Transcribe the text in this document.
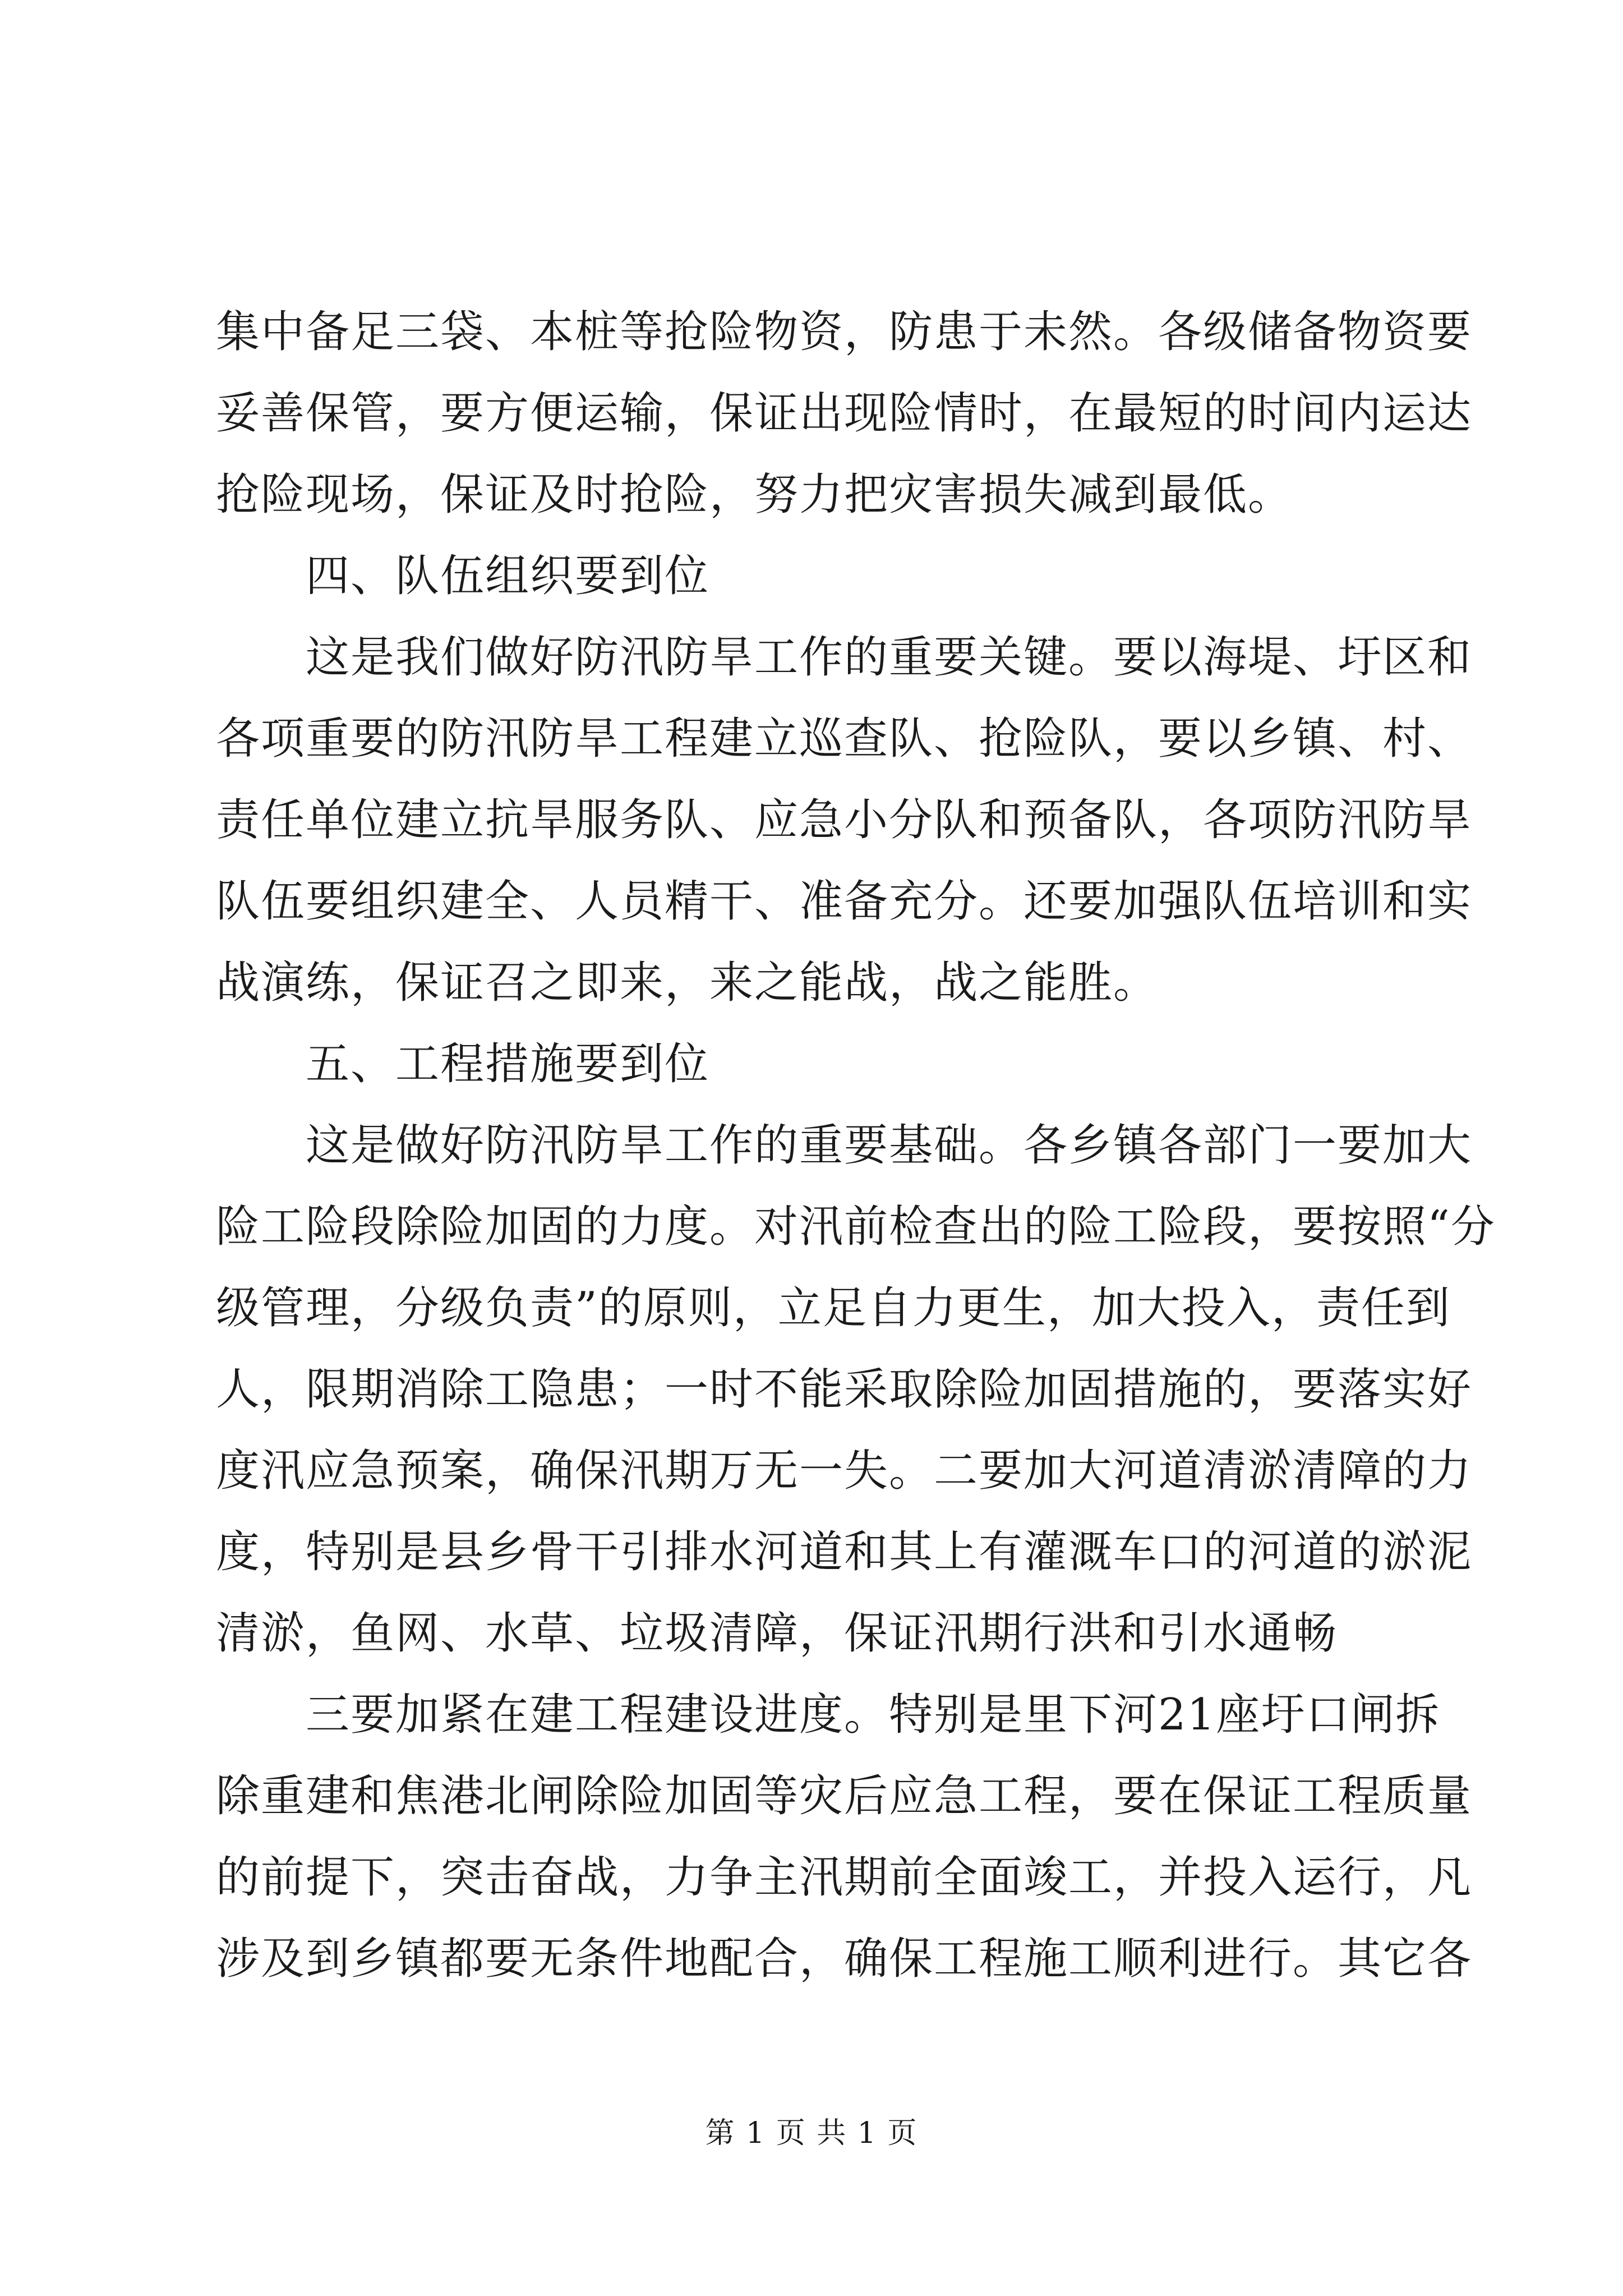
集中备足三袋、本桩等抢险物资，防患于未然。各级储备物资要
妥善保管，要方便运输，保证出现险情时，在最短的时间内运达
抢险现场，保证及时抢险，努力把灾害损失减到最低。
四、队伍组织要到位
这是我们做好防汛防旱工作的重要关键。要以海堤、圩区和
各项重要的防汛防旱工程建立巡查队、抢险队，要以乡镇、村、
责任单位建立抗旱服务队、应急小分队和预备队，各项防汛防旱
队伍要组织建全、人员精干、准备充分。还要加强队伍培训和实
战演练，保证召之即来，来之能战，战之能胜。
五、工程措施要到位
这是做好防汛防旱工作的重要基础。各乡镇各部门一要加大
险工险段除险加固的力度。对汛前检查出的险工险段，要按照“分
级管理，分级负责”的原则，立足自力更生，加大投入，责任到
人，限期消除工隐患；一时不能采取除险加固措施的，要落实好
度汛应急预案，确保汛期万无一失。二要加大河道清淤清障的力
度，特别是县乡骨干引排水河道和其上有灌溉车口的河道的淤泥
清淤，鱼网、水草、垃圾清障，保证汛期行洪和引水通畅
三要加紧在建工程建设进度。特别是里下河21座圩口闸拆
除重建和焦港北闸除险加固等灾后应急工程，要在保证工程质量
的前提下，突击奋战，力争主汛期前全面竣工，并投入运行，凡
涉及到乡镇都要无条件地配合，确保工程施工顺利进行。其它各
第 1 页 共 1 页
